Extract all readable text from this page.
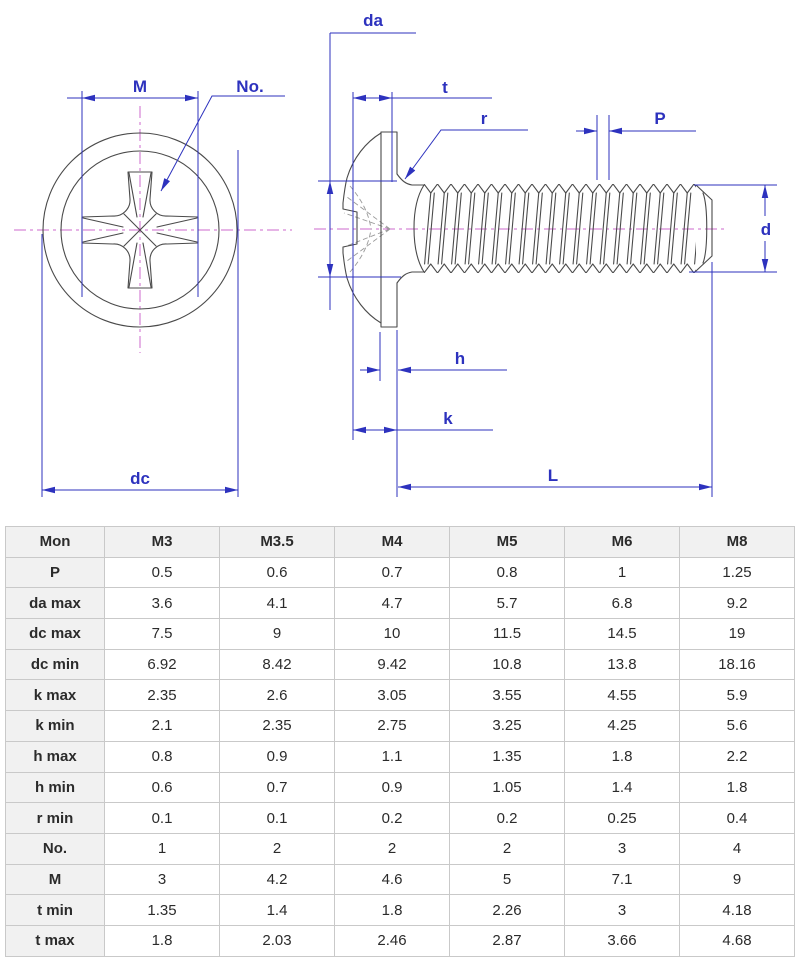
M	No.
dc
da
t
r	P
d
h
k
L
Mon	M3	M3.5	M4	M5	M6	M8
P	0.5	0.6	0.7	0.8	1	1.25
da max	3.6	4.1	4.7	5.7	6.8	9.2
dc max	7.5	9	10	11.5	14.5	19
dc min	6.92	8.42	9.42	10.8	13.8	18.16
k max	2.35	2.6	3.05	3.55	4.55	5.9
k min	2.1	2.35	2.75	3.25	4.25	5.6
h max	0.8	0.9	1.1	1.35	1.8	2.2
h min	0.6	0.7	0.9	1.05	1.4	1.8
r min	0.1	0.1	0.2	0.2	0.25	0.4
No.	1	2	2	2	3	4
M	3	4.2	4.6	5	7.1	9
t min	1.35	1.4	1.8	2.26	3	4.18
t max	1.8	2.03	2.46	2.87	3.66	4.68
